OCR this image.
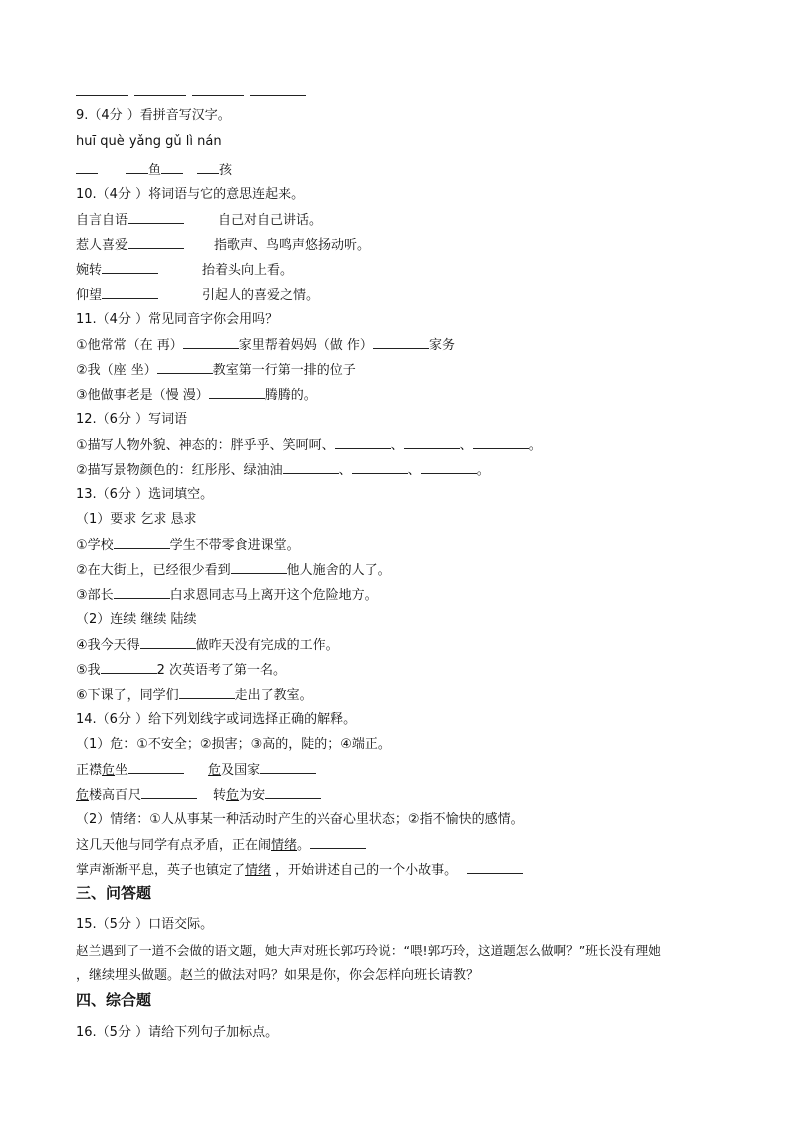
9.（4分 ）看拼音写汉字。
huī què yǎng gǔ lì nán
鱼	孩
10.（4分 ）将词语与它的意思连起来。
自言自语	自己对自己讲话。
惹人喜爱	指歌声、鸟鸣声悠扬动听。
婉转	抬着头向上看。
仰望	引起人的喜爱之情。
11.（4分 ）常见同音字你会用吗？
①他常常（在 再）	家里帮着妈妈（做 作）	家务
②我（座 坐）	教室第一行第一排的位子
③他做事老是（慢 漫）	腾腾的。
12.（6分 ）写词语
①描写人物外貌、神态的：胖乎乎、笑呵呵、	、	、	。
②描写景物颜色的：红彤彤、绿油油	、	、	。
13.（6分 ）选词填空。
（1）要求 乞求 恳求
①学校	学生不带零食进课堂。
②在大街上，已经很少看到	他人施舍的人了。
③部长	白求恩同志马上离开这个危险地方。
（2）连续 继续 陆续
④我今天得	做昨天没有完成的工作。
⑤我	2 次英语考了第一名。
⑥下课了，同学们	走出了教室。
14.（6分 ）给下列划线字或词选择正确的解释。
（1）危：①不安全；②损害；③高的，陡的；④端正。
正襟危坐	危及国家
危楼高百尺	转危为安
（2）情绪：①人从事某一种活动时产生的兴奋心里状态；②指不愉快的感情。
这几天他与同学有点矛盾，正在闹情绪。
掌声渐渐平息，英子也镇定了情绪 ，开始讲述自己的一个小故事。
三、问答题
15.（5分 ）口语交际。
赵兰遇到了一道不会做的语文题，她大声对班长郭巧玲说：“喂!郭巧玲，这道题怎么做啊？”班长没有理她
，继续埋头做题。赵兰的做法对吗？如果是你，你会怎样向班长请教？
四、综合题
16.（5分 ）请给下列句子加标点。
